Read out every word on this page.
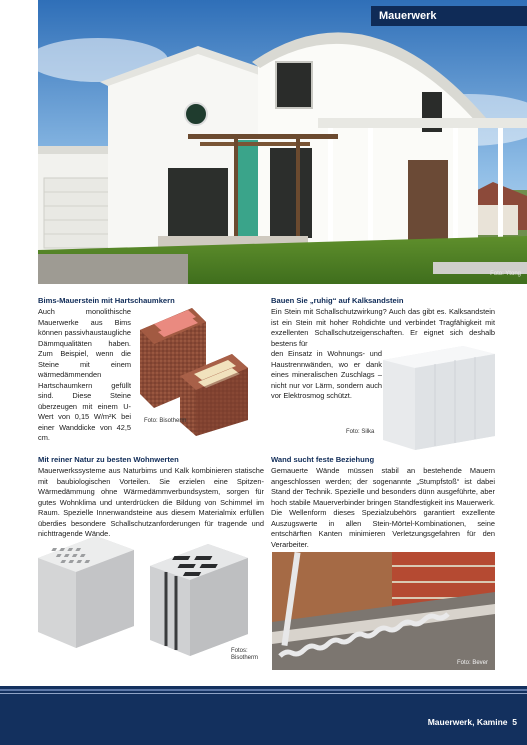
Foto: Ytong
Mauerwerk
Bims-Mauerstein mit Hartschaumkern
Auch monolithische Mauerwerke aus Bims können passivhaustaugliche Dämmqualitäten haben. Zum Beispiel, wenn die Steine mit einem wärmedämmenden Hartschaumkern gefüllt sind. Diese Steine überzeugen mit einem U-Wert von 0,15 W/m²K bei einer Wanddicke von 42,5 cm.
Foto: Bisotherm
Bauen Sie „ruhig“ auf Kalksandstein
Ein Stein mit Schallschutzwirkung? Auch das gibt es. Kalksandstein ist ein Stein mit hoher Rohdichte und verbindet Tragfähigkeit mit exzellenten Schallschutzeigenschaften. Er eignet sich deshalb bestens für
den Einsatz in Wohnungs- und Haustrennwänden, wo er dank eines mineralischen Zuschlags – nicht nur vor Lärm, sondern auch vor Elektrosmog schützt.
Foto: Silka
Mit reiner Natur zu besten Wohnwerten
Mauerwerkssysteme aus Naturbims und Kalk kombinieren statische mit baubiologischen Vorteilen. Sie erzielen eine Spitzen-Wärmedämmung ohne Wärmedämmverbundsystem, sorgen für gutes Wohnklima und unterdrücken die Bildung von Schimmel im Raum. Spezielle Innenwandsteine aus diesem Materialmix erfüllen überdies besondere Schallschutzanforderungen für tragende und nichttragende Wände.
Fotos:
Bisotherm
Wand sucht feste Beziehung
Gemauerte Wände müssen stabil an bestehende Mauern angeschlossen werden; der sogenannte „Stumpfstoß“ ist dabei Stand der Technik. Spezielle und besonders dünn ausgeführte, aber hoch stabile Mauerverbinder bringen Standfestigkeit ins Mauerwerk. Die Wellenform dieses Spezialzubehörs garantiert exzellente Auszugswerte in allen Stein-Mörtel-Kombinationen, seine entschärften Kanten minimieren Verletzungsgefahren für den Verarbeiter.
Foto: Bever
Mauerwerk, Kamine 5
